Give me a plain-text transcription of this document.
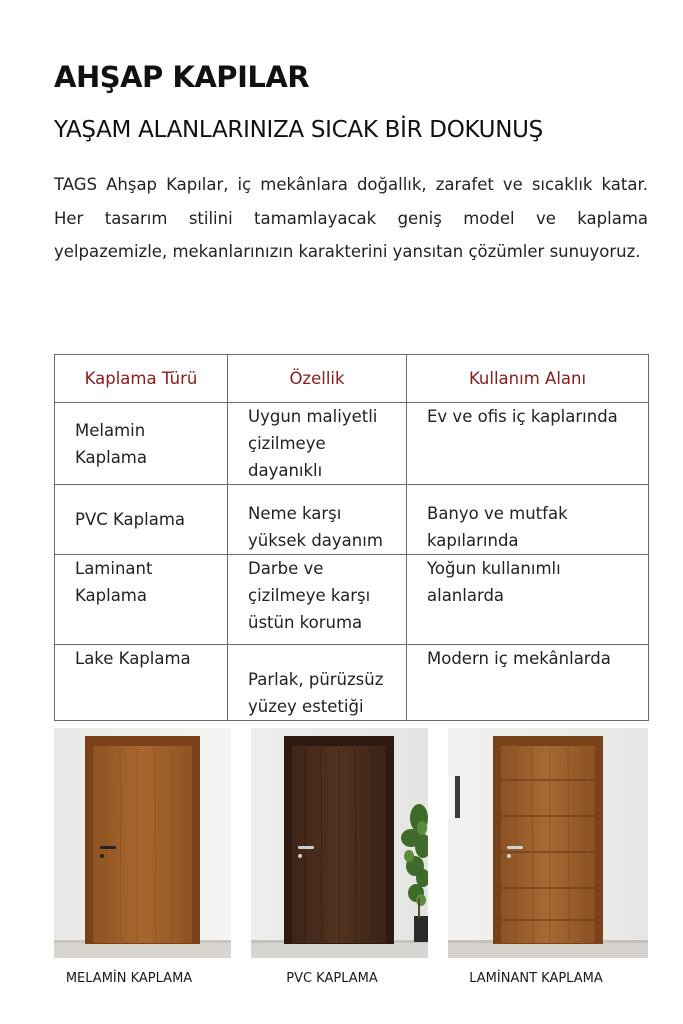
AHŞAP KAPILAR
YAŞAM ALANLARINIZA SICAK BİR DOKUNUŞ

TAGS Ahşap Kapılar, iç mekânlara doğallık, zarafet ve sıcaklık katar. Her tasarım stilini tamamlayacak geniş model ve kaplama yelpazemizle, mekanlarınızın karakterini yansıtan çözümler sunuyoruz.

Kaplama Türü	Özellik	Kullanım Alanı
Melamin Kaplama	Uygun maliyetli çizilmeye dayanıklı	Ev ve ofis iç kaplarında
PVC Kaplama	Neme karşı yüksek dayanım	Banyo ve mutfak kapılarında
Laminant Kaplama	Darbe ve çizilmeye karşı üstün koruma	Yoğun kullanımlı alanlarda
Lake Kaplama	Parlak, pürüzsüz yüzey estetiği	Modern iç mekânlarda
MELAMİN KAPLAMA	PVC KAPLAMA	LAMİNANT KAPLAMA
